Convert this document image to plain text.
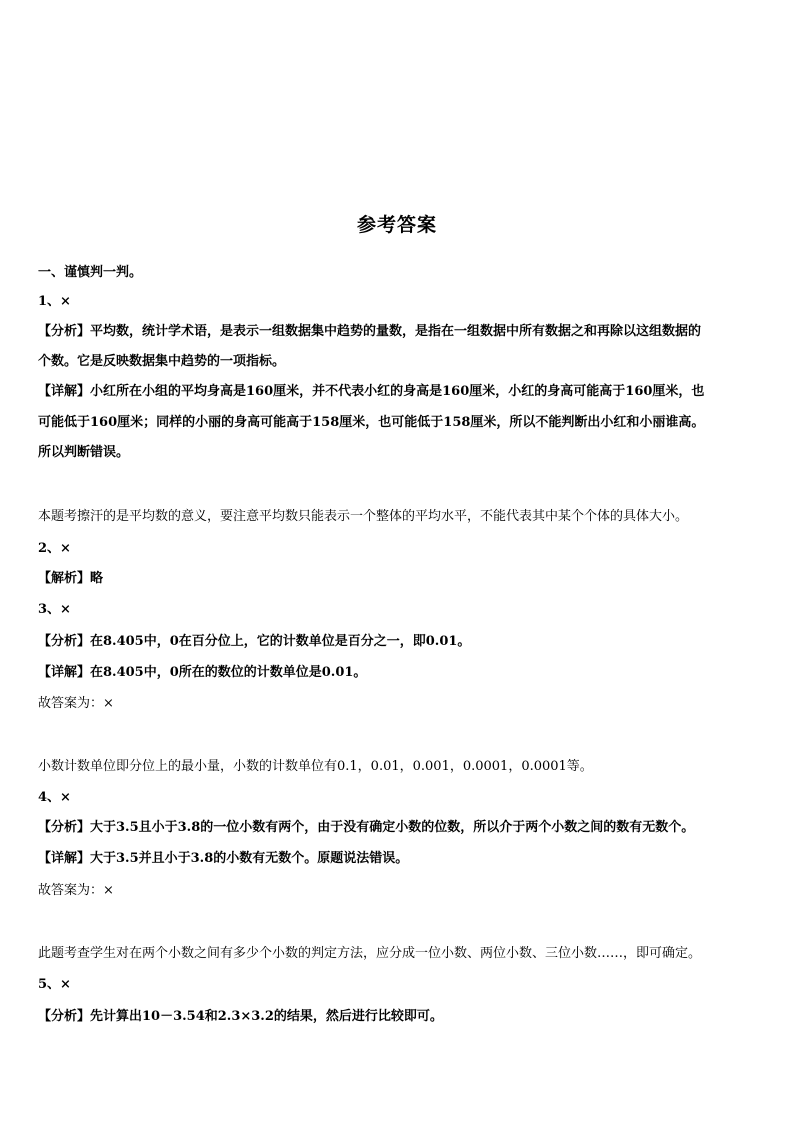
参考答案
一、谨慎判一判。
1、×
【分析】平均数，统计学术语，是表示一组数据集中趋势的量数，是指在一组数据中所有数据之和再除以这组数据的
个数。它是反映数据集中趋势的一项指标。
【详解】小红所在小组的平均身高是160厘米，并不代表小红的身高是160厘米，小红的身高可能高于160厘米，也
可能低于160厘米；同样的小丽的身高可能高于158厘米，也可能低于158厘米，所以不能判断出小红和小丽谁高。
所以判断错误。
本题考擦汗的是平均数的意义，要注意平均数只能表示一个整体的平均水平，不能代表其中某个个体的具体大小。
2、×
【解析】略
3、×
【分析】在8.405中，0在百分位上，它的计数单位是百分之一，即0.01。
【详解】在8.405中，0所在的数位的计数单位是0.01。
故答案为：×
小数计数单位即分位上的最小量，小数的计数单位有0.1，0.01，0.001，0.0001，0.0001等。
4、×
【分析】大于3.5且小于3.8的一位小数有两个，由于没有确定小数的位数，所以介于两个小数之间的数有无数个。
【详解】大于3.5并且小于3.8的小数有无数个。原题说法错误。
故答案为：×
此题考查学生对在两个小数之间有多少个小数的判定方法，应分成一位小数、两位小数、三位小数……，即可确定。
5、×
【分析】先计算出10－3.54和2.3×3.2的结果，然后进行比较即可。
